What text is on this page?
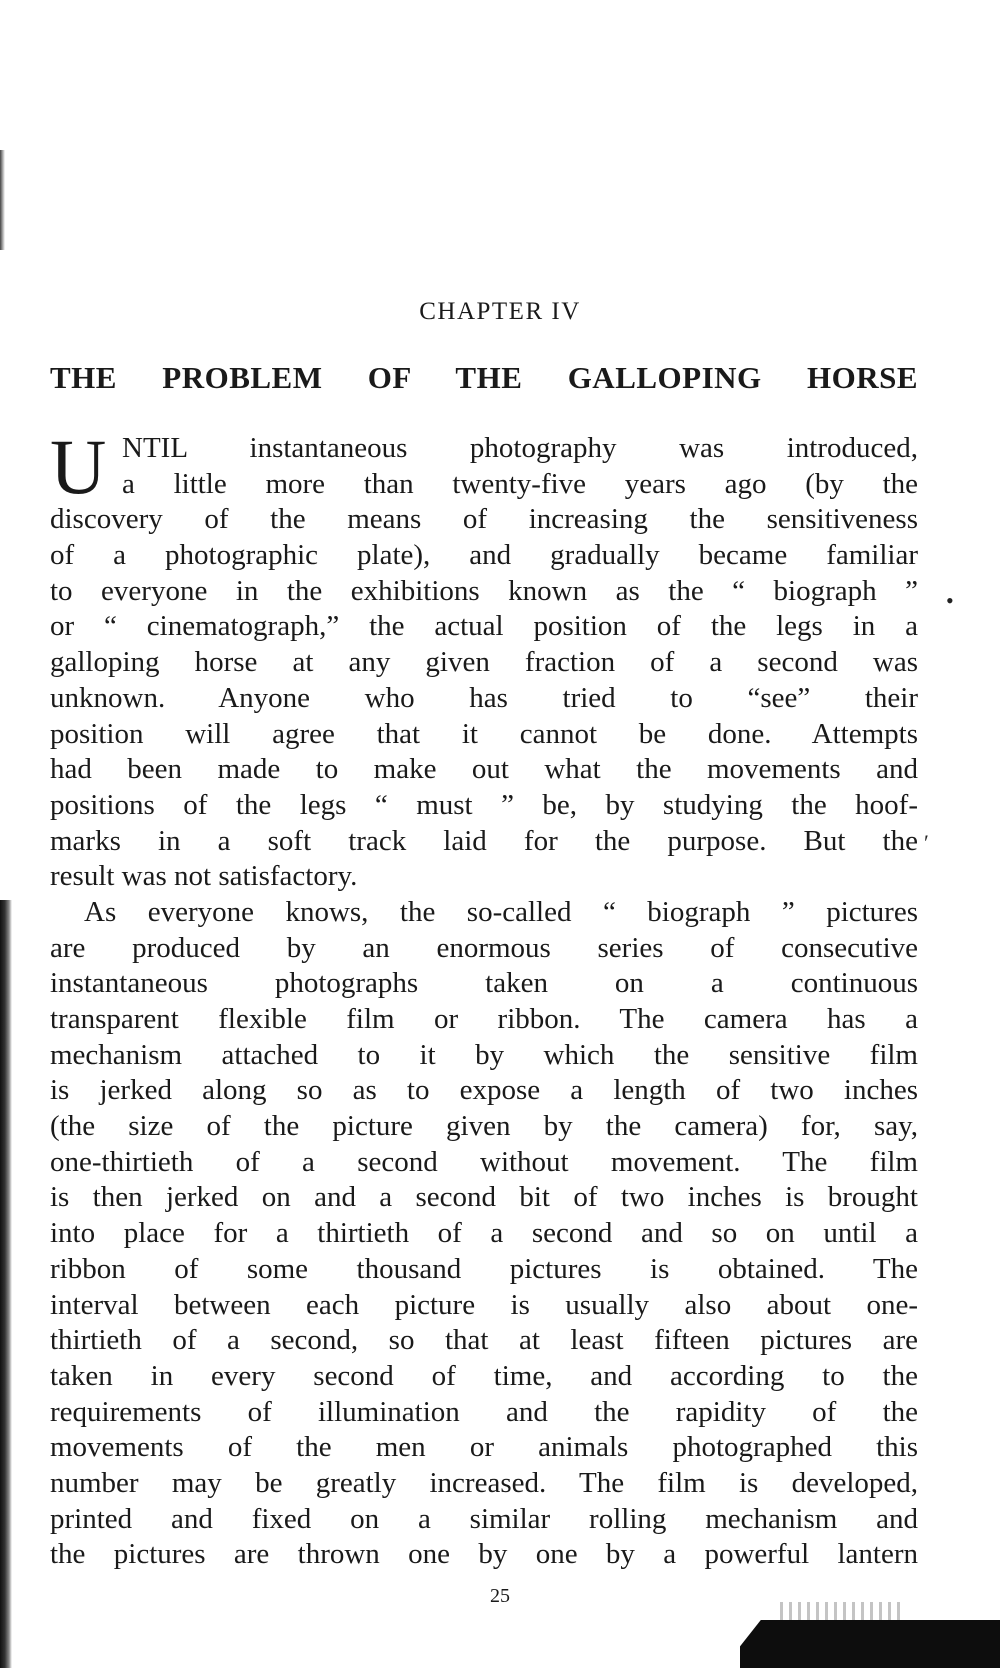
CHAPTER IV
THE PROBLEM OF THE GALLOPING HORSE
U NTIL instantaneous photography was introduced,
a little more than twenty-five years ago (by the
discovery of the means of increasing the sensitiveness
of a photographic plate), and gradually became familiar
to everyone in the exhibitions known as the “ biograph ”
or “ cinematograph,” the actual position of the legs in a
galloping horse at any given fraction of a second was
unknown. Anyone who has tried to “see” their
position will agree that it cannot be done. Attempts
had been made to make out what the movements and
positions of the legs “ must ” be, by studying the hoof-
marks in a soft track laid for the purpose. But the
result was not satisfactory.
As everyone knows, the so-called “ biograph ” pictures
are produced by an enormous series of consecutive
instantaneous photographs taken on a continuous
transparent flexible film or ribbon. The camera has a
mechanism attached to it by which the sensitive film
is jerked along so as to expose a length of two inches
(the size of the picture given by the camera) for, say,
one-thirtieth of a second without movement. The film
is then jerked on and a second bit of two inches is brought
into place for a thirtieth of a second and so on until a
ribbon of some thousand pictures is obtained. The
interval between each picture is usually also about one-
thirtieth of a second, so that at least fifteen pictures are
taken in every second of time, and according to the
requirements of illumination and the rapidity of the
movements of the men or animals photographed this
number may be greatly increased. The film is developed,
printed and fixed on a similar rolling mechanism and
the pictures are thrown one by one by a powerful lantern
•
′
25
